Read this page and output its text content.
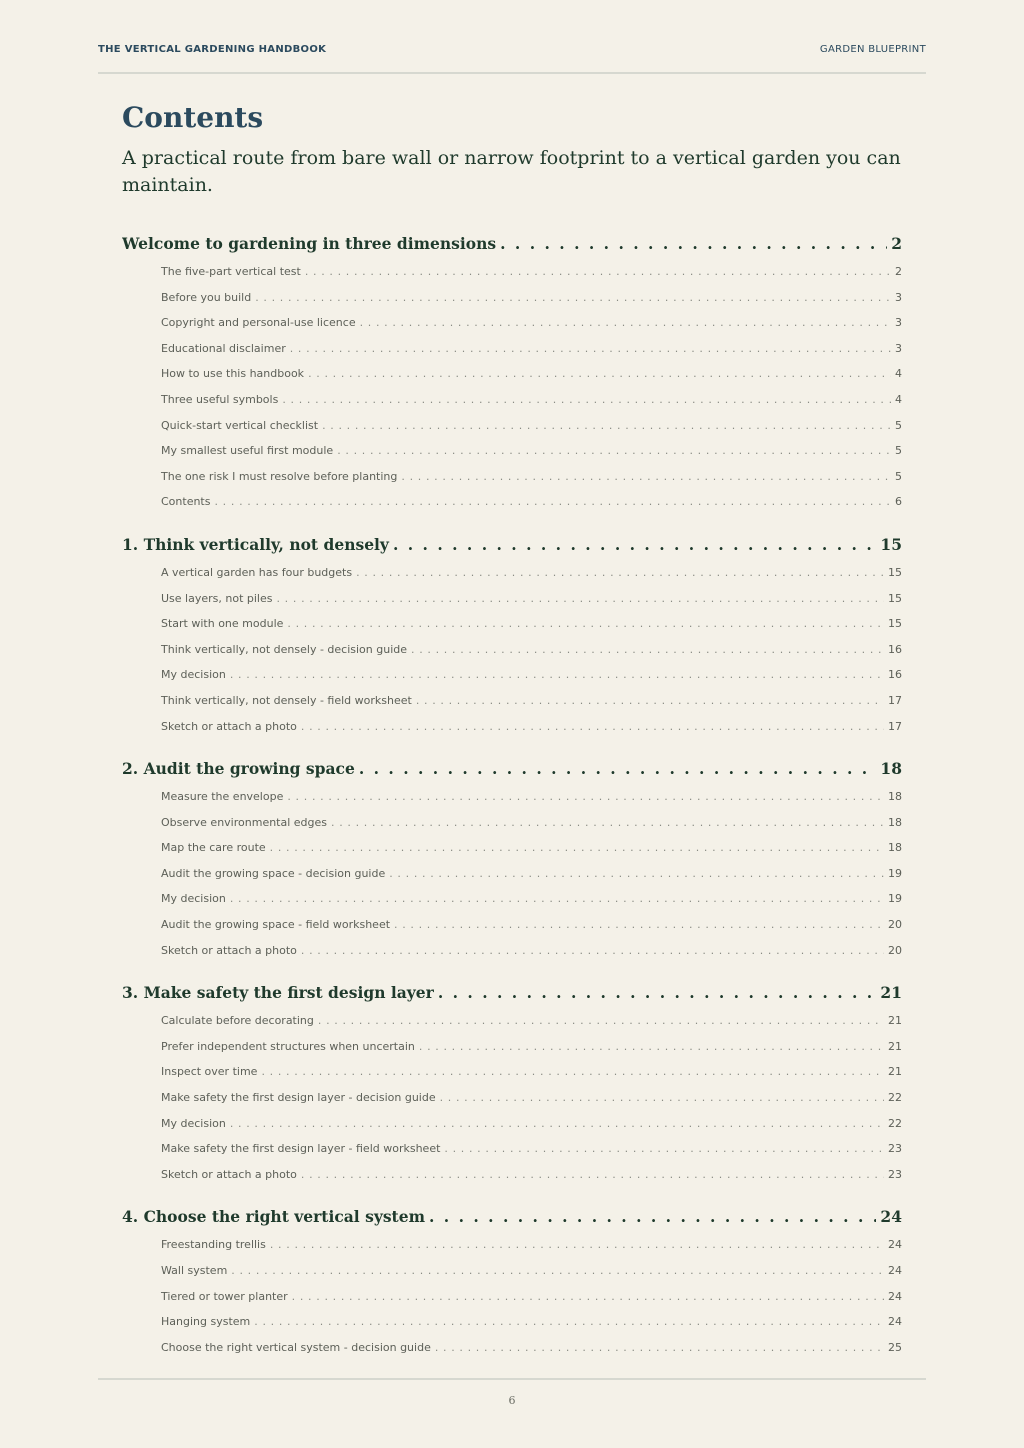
THE VERTICAL GARDENING HANDBOOK	GARDEN BLUEPRINT
Contents

A practical route from bare wall or narrow footprint to a vertical garden you can maintain.

Welcome to gardening in three dimensions . . .	2
The five-part vertical test . . .	2
Before you build . . .	3
Copyright and personal-use licence . . .	3
Educational disclaimer . . .	3
How to use this handbook . . .	4
Three useful symbols . . .	4
Quick-start vertical checklist . . .	5
My smallest useful first module . . .	5
The one risk I must resolve before planting . . .	5
Contents . . .	6
1. Think vertically, not densely . . .	15
A vertical garden has four budgets . . .	15
Use layers, not piles . . .	15
Start with one module . . .	15
Think vertically, not densely - decision guide . . .	16
My decision . . .	16
Think vertically, not densely - field worksheet . . .	17
Sketch or attach a photo . . .	17
2. Audit the growing space . . .	18
Measure the envelope . . .	18
Observe environmental edges . . .	18
Map the care route . . .	18
Audit the growing space - decision guide . . .	19
My decision . . .	19
Audit the growing space - field worksheet . . .	20
Sketch or attach a photo . . .	20
3. Make safety the first design layer . . .	21
Calculate before decorating . . .	21
Prefer independent structures when uncertain . . .	21
Inspect over time . . .	21
Make safety the first design layer - decision guide . . .	22
My decision . . .	22
Make safety the first design layer - field worksheet . . .	23
Sketch or attach a photo . . .	23
4. Choose the right vertical system . . .	24
Freestanding trellis . . .	24
Wall system . . .	24
Tiered or tower planter . . .	24
Hanging system . . .	24
Choose the right vertical system - decision guide . . .	25
6
